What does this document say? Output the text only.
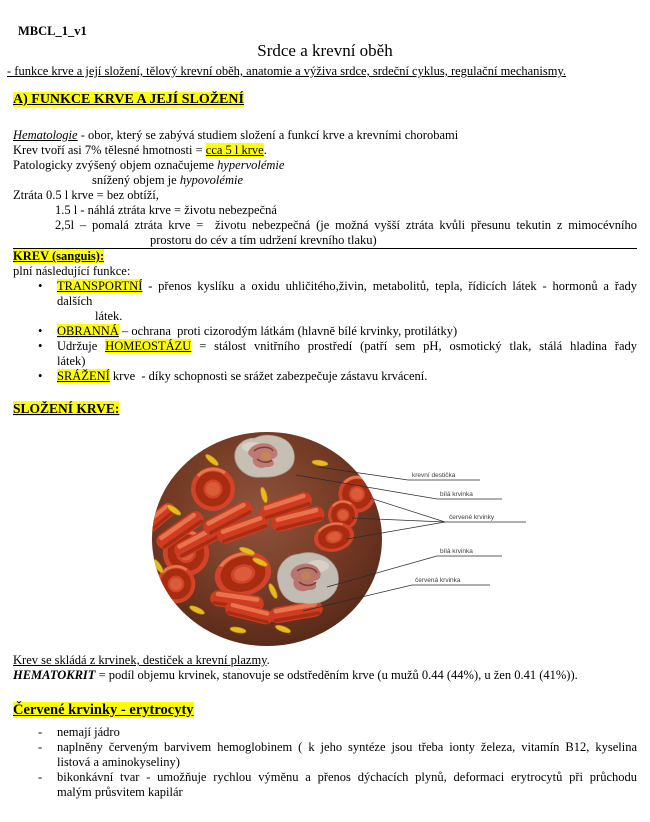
MBCL_1_v1
Srdce a krevní oběh
- funkce krve a její složení, tělový krevní oběh, anatomie a výživa srdce, srdeční cyklus, regulační mechanismy.
A) FUNKCE KRVE A JEJÍ SLOŽENÍ
Hematologie - obor, který se zabývá studiem složení a funkcí krve a krevními chorobami
Krev tvoří asi 7% tělesné hmotnosti = cca 5 l krve.
Patologicky zvýšený objem označujeme hypervolémie
snížený objem je hypovolémie
Ztráta 0.5 l krve = bez obtíží,
1.5 l - náhlá ztráta krve = životu nebezpečná
2,5l – pomalá ztráta krve =  životu nebezpečná (je možná vyšší ztráta kvůli přesunu tekutin z mimocévního
prostoru do cév a tím udržení krevního tlaku)
KREV (sanguis):
plní následující funkce:
•	TRANSPORTNÍ - přenos kyslíku a oxidu uhličitého,živin, metabolitů, tepla, řídicích látek - hormonů a řady
dalších
látek.
•	OBRANNÁ – ochrana  proti cizorodým látkám (hlavně bílé krvinky, protilátky)
•	Udržuje HOMEOSTÁZU = stálost vnitřního prostředí (patří sem pH, osmotický tlak, stálá hladina řady
látek)
•	SRÁŽENÍ krve  - díky schopnosti se srážet zabezpečuje zástavu krvácení.
SLOŽENÍ KRVE:
krevní destička
bílá krvinka
červené krvinky
bílá krvinka
červená krvinka
Krev se skládá z krvinek, destiček a krevní plazmy.
HEMATOKRIT = podíl objemu krvinek, stanovuje se odstředěním krve (u mužů 0.44 (44%), u žen 0.41 (41%)).
Červené krvinky - erytrocyty
-	nemají jádro
-	naplněny červeným barvivem hemoglobinem ( k jeho syntéze jsou třeba ionty železa, vitamín B12, kyselina
listová a aminokyseliny)
-	bikonkávní tvar - umožňuje rychlou výměnu a přenos dýchacích plynů, deformaci erytrocytů při průchodu
malým průsvitem kapilár
